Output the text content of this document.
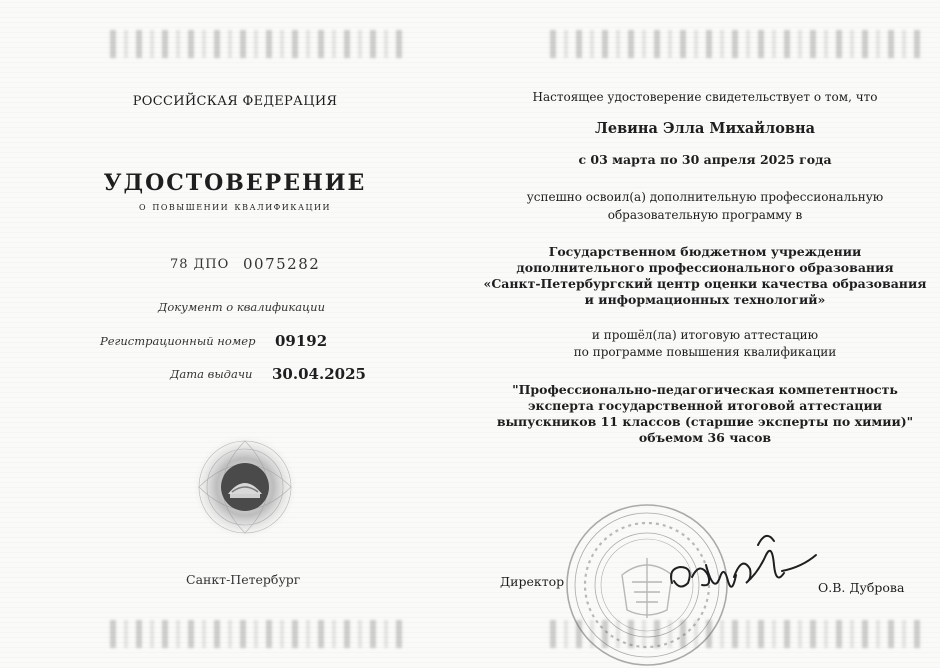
РОССИЙСКАЯ ФЕДЕРАЦИЯ
УДОСТОВЕРЕНИЕ
о повышении квалификации
78 ДПО 0075282
Документ о квалификации
Регистрационный номер 09192
Дата выдачи 30.04.2025
Санкт-Петербург
Настоящее удостоверение свидетельствует о том, что
Левина Элла Михайловна
с 03 марта по 30 апреля 2025 года
успешно освоил(а) дополнительную профессиональную
образовательную программу в
Государственном бюджетном учреждении
дополнительного профессионального образования
«Санкт-Петербургский центр оценки качества образования
и информационных технологий»
и прошёл(ла) итоговую аттестацию
по программе повышения квалификации
"Профессионально-педагогическая компетентность
эксперта государственной итоговой аттестации
выпускников 11 классов (старшие эксперты по химии)"
объемом 36 часов
Директор	О.В. Дуброва
